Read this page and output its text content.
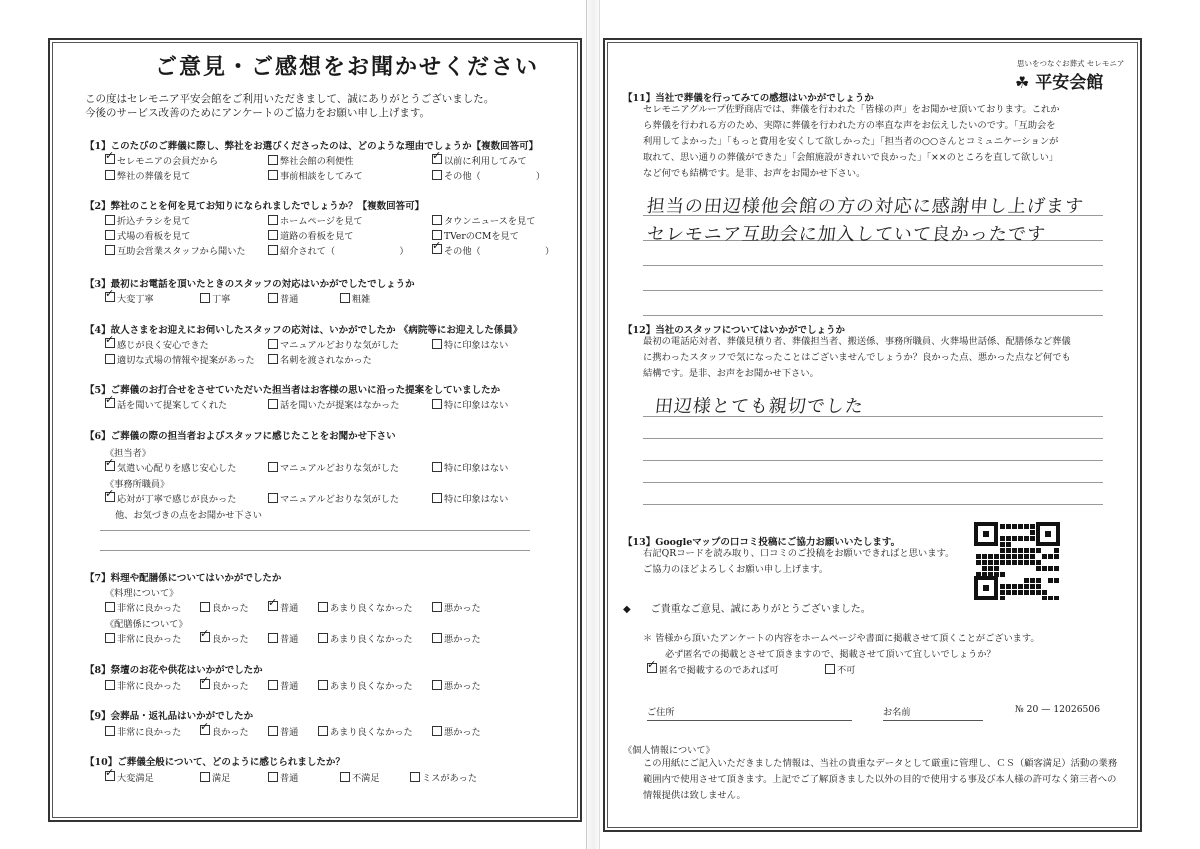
ご意見・ご感想をお聞かせください
この度はセレモニア平安会館をご利用いただきまして、誠にありがとうございました。
今後のサービス改善のためにアンケートのご協力をお願い申し上げます。
【1】このたびのご葬儀に際し、弊社をお選びくださったのは、どのような理由でしょうか【複数回答可】
✓セレモニアの会員だから	弊社会館の利便性 ✓	以前に利用してみて
弊社の葬儀を見て	事前相談をしてみて	その他（　　　　　　）
【2】弊社のことを何を見てお知りになられましたでしょうか？【複数回答可】
折込チラシを見て	ホームページを見て	タウンニュースを見て
式場の看板を見て	道路の看板を見て	TVerのCMを見て
互助会営業スタッフから聞いた	紹介されて（　　　　　　　） ✓	その他（　　　　　　　）
【3】最初にお電話を頂いたときのスタッフの対応はいかがでしたでしょうか
✓大変丁寧	丁寧	普通	粗雑
【4】故人さまをお迎えにお伺いしたスタッフの応対は、いかがでしたか 《病院等にお迎えした係員》
✓感じが良く安心できた	マニュアルどおりな気がした	特に印象はない
適切な式場の情報や提案があった	名刺を渡されなかった
【5】ご葬儀のお打合せをさせていただいた担当者はお客様の思いに沿った提案をしていましたか
✓話を聞いて提案してくれた	話を聞いたが提案はなかった	特に印象はない
【6】ご葬儀の際の担当者およびスタッフに感じたことをお聞かせ下さい
《担当者》
✓気遣い心配りを感じ安心した	マニュアルどおりな気がした	特に印象はない
《事務所職員》
✓応対が丁寧で感じが良かった	マニュアルどおりな気がした	特に印象はない
他、お気づきの点をお聞かせ下さい
【7】料理や配膳係についてはいかがでしたか
《料理について》
非常に良かった	良かった ✓	普通	あまり良くなかった	悪かった
《配膳係について》
非常に良かった ✓	良かった	普通	あまり良くなかった	悪かった
【8】祭壇のお花や供花はいかがでしたか
非常に良かった ✓	良かった	普通	あまり良くなかった	悪かった
【9】会葬品・返礼品はいかがでしたか
非常に良かった ✓	良かった	普通	あまり良くなかった	悪かった
【10】ご葬儀全般について、どのように感じられましたか？
✓大変満足	満足	普通	不満足	ミスがあった
思いをつなぐお葬式 セレモニア
☘ 平安会館
【11】当社で葬儀を行ってみての感想はいかがでしょうか
セレモニアグループ佐野商店では、葬儀を行われた「皆様の声」をお聞かせ頂いております。これから葬儀を行われる方のため、実際に葬儀を行われた方の率直な声をお伝えしたいのです。「互助会を利用してよかった」「もっと費用を安くして欲しかった」「担当者の○○さんとコミュニケーションが取れて、思い通りの葬儀ができた」「会館施設がきれいで良かった」「××のところを直して欲しい」など何でも結構です。是非、お声をお聞かせ下さい。
担当の田辺様他会館の方の対応に感謝申し上げます
セレモニア互助会に加入していて良かったです
【12】当社のスタッフについてはいかがでしょうか
最初の電話応対者、葬儀見積り者、葬儀担当者、搬送係、事務所職員、火葬場世話係、配膳係など葬儀に携わったスタッフで気になったことはございませんでしょうか？良かった点、悪かった点など何でも結構です。是非、お声をお聞かせ下さい。
田辺様とても親切でした
【13】Googleマップの口コミ投稿にご協力お願いいたします。
右記QRコードを読み取り、口コミのご投稿をお願いできればと思います。ご協力のほどよろしくお願い申し上げます。
◆　　 ご貴重なご意見、誠にありがとうございました。
＊ 皆様から頂いたアンケートの内容をホームページや書面に掲載させて頂くことがございます。
必ず匿名での掲載とさせて頂きますので、掲載させて頂いて宜しいでしょうか？
✓匿名で掲載するのであれば可	不可
ご住所	お名前	№ 20 — 12026506
《個人情報について》
この用紙にご記入いただきました情報は、当社の貴重なデータとして厳重に管理し、ＣＳ（顧客満足）活動の業務範囲内で使用させて頂きます。上記でご了解頂きました以外の目的で使用する事及び本人様の許可なく第三者への情報提供は致しません。
